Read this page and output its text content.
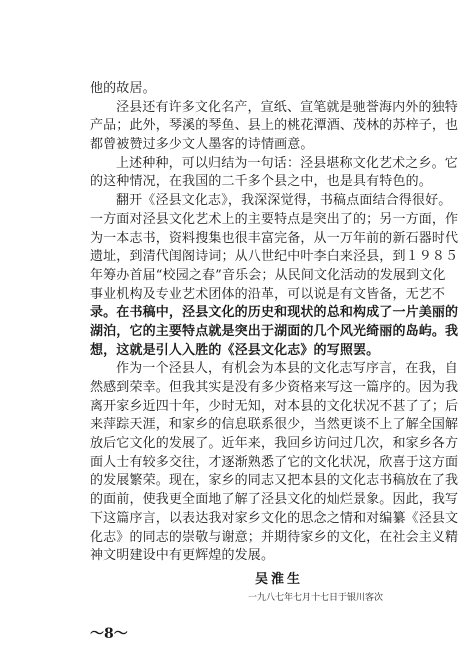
他的故居。
泾县还有许多文化名产，宣纸、宣笔就是驰誉海内外的独特
产品；此外，琴溪的琴鱼、县上的桃花潭酒、茂林的苏梓子，也
都曾被赞过多少文人墨客的诗情画意。
上述种种，可以归结为一句话：泾县堪称文化艺术之乡。它
的这种情况，在我国的二千多个县之中，也是具有特色的。
翻开《泾县文化志》，我深深觉得，书稿点面结合得很好。
一方面对泾县文化艺术上的主要特点是突出了的；另一方面，作
为一本志书，资料搜集也很丰富完备，从一万年前的新石器时代
遗址，到清代闺阁诗词；从八世纪中叶李白来泾县，到１９８５
年筹办首届“校园之春”音乐会；从民间文化活动的发展到文化
事业机构及专业艺术团体的沿革，可以说是有文皆备，无艺不
录。在书稿中，泾县文化的历史和现状的总和构成了一片美丽的
湖泊，它的主要特点就是突出于湖面的几个风光绮丽的岛屿。我
想，这就是引人入胜的《泾县文化志》的写照罢。
作为一个泾县人，有机会为本县的文化志写序言，在我，自
然感到荣幸。但我其实是没有多少资格来写这一篇序的。因为我
离开家乡近四十年，少时无知，对本县的文化状况不甚了了；后
来萍踪天涯，和家乡的信息联系很少，当然更谈不上了解全国解
放后它文化的发展了。近年来，我回乡访问过几次，和家乡各方
面人士有较多交往，才逐渐熟悉了它的文化状况，欣喜于这方面
的发展繁荣。现在，家乡的同志又把本县的文化志书稿放在了我
的面前，使我更全面地了解了泾县文化的灿烂景象。因此，我写
下这篇序言，以表达我对家乡文化的思念之情和对编纂《泾县文
化志》的同志的崇敬与谢意；并期待家乡的文化，在社会主义精
神文明建设中有更辉煌的发展。
吴淮生
一九八七年七月十七日于银川客次
～8～
